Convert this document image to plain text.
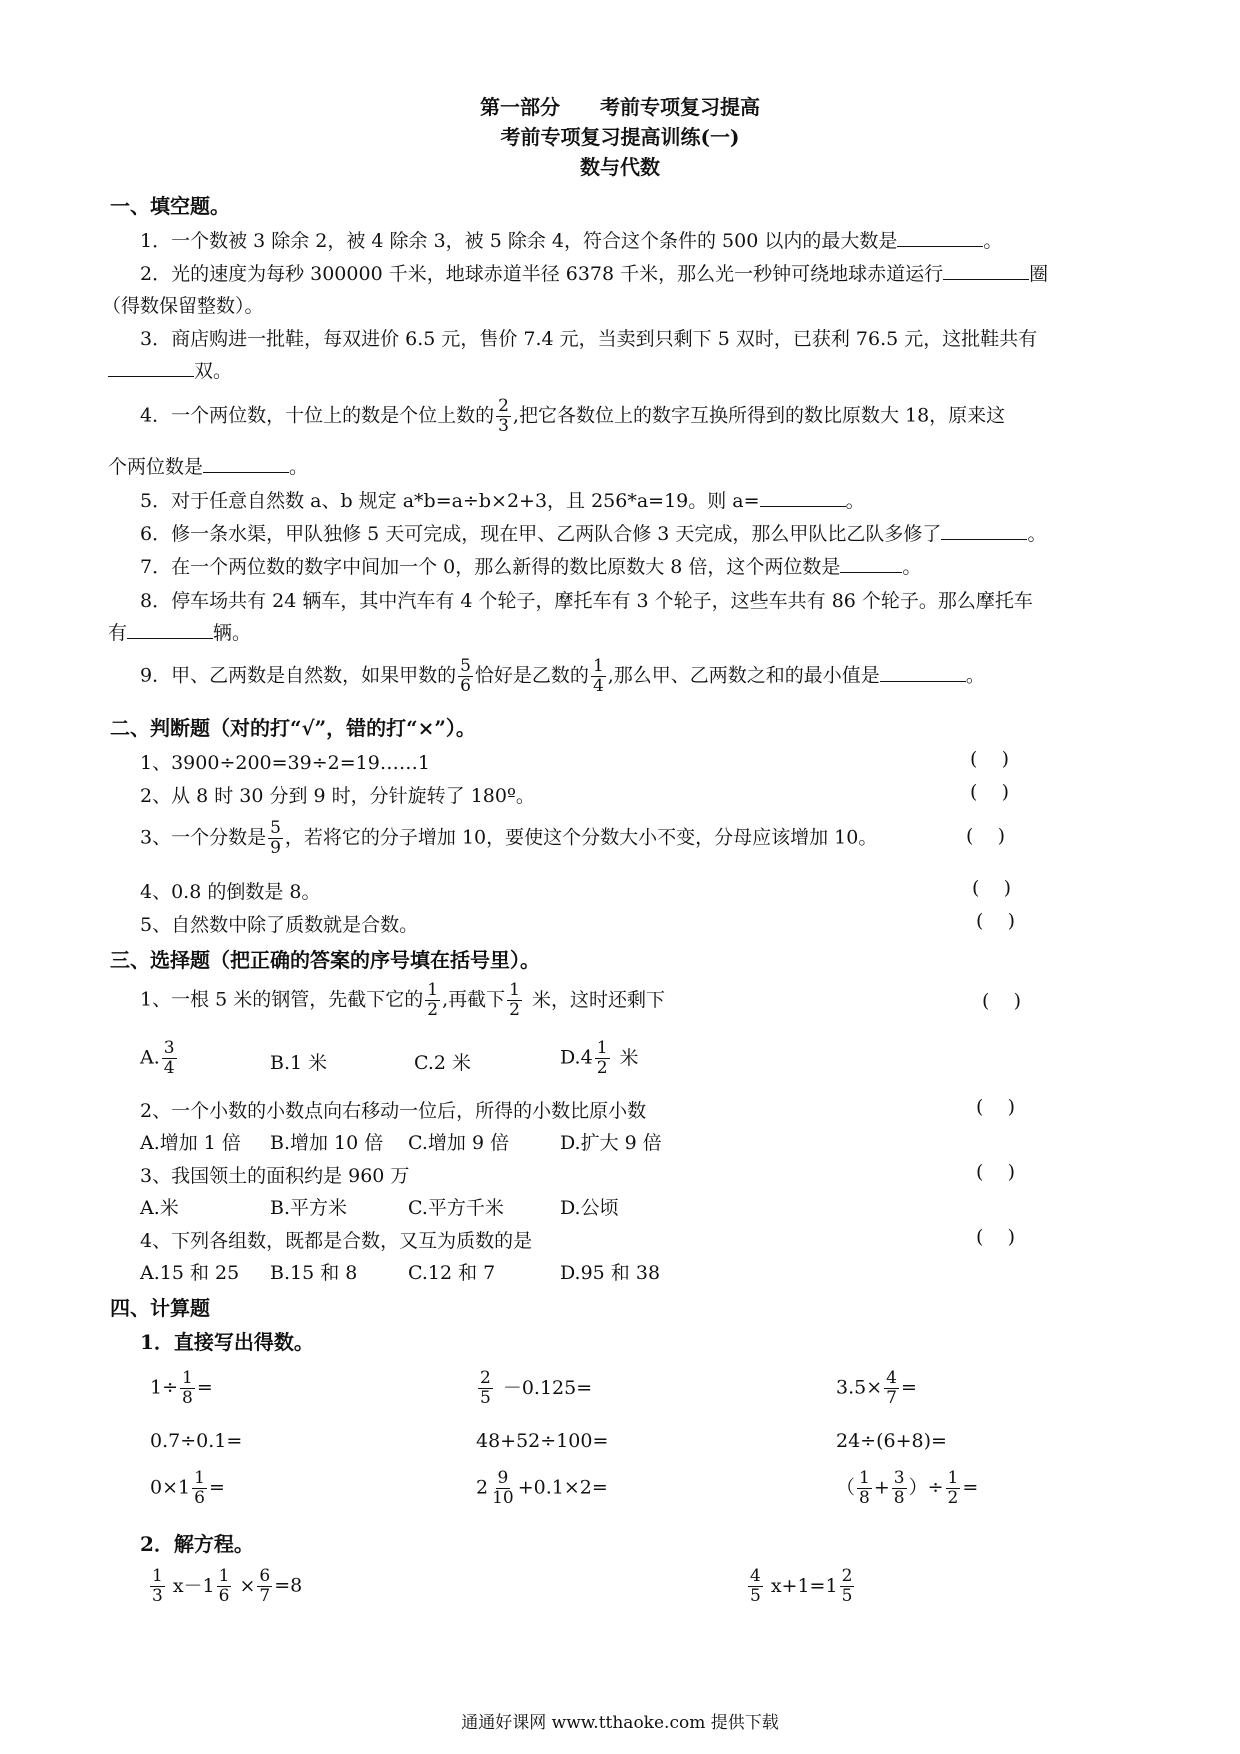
第一部分 考前专项复习提高
考前专项复习提高训练(一)
数与代数
一、填空题。
1．一个数被 3 除余 2，被 4 除余 3，被 5 除余 4，符合这个条件的 500 以内的最大数是	。
2．光的速度为每秒 300000 千米，地球赤道半径 6378 千米，那么光一秒钟可绕地球赤道运行	圈
（得数保留整数）。
3．商店购进一批鞋，每双进价 6.5 元，售价 7.4 元，当卖到只剩下 5 双时，已获利 76.5 元，这批鞋共有
双。
4．一个两位数，十位上的数是个位上数的 $\frac{2}{3}$ ,把它各数位上的数字互换所得到的数比原数大 18，原来这
个两位数是	。
5．对于任意自然数 a、b 规定 a*b=a÷b×2+3，且 256*a=19。则 a=	。
6．修一条水渠，甲队独修 5 天可完成，现在甲、乙两队合修 3 天完成，那么甲队比乙队多修了	。
7．在一个两位数的数字中间加一个 0，那么新得的数比原数大 8 倍，这个两位数是	。
8．停车场共有 24 辆车，其中汽车有 4 个轮子，摩托车有 3 个轮子，这些车共有 86 个轮子。那么摩托车
有	辆。
9．甲、乙两数是自然数，如果甲数的 $\frac{5}{6}$ 恰好是乙数的 $\frac{1}{4}$ ,那么甲、乙两数之和的最小值是	。
二、判断题（对的打“√”，错的打“×”）。
1、3900÷200=39÷2=19……1	(    )
2、从 8 时 30 分到 9 时，分针旋转了 180º。	(    )
3、一个分数是 $\frac{5}{9}$ ，若将它的分子增加 10，要使这个分数大小不变，分母应该增加 10。	(    )
4、0.8 的倒数是 8。	(    )
5、自然数中除了质数就是合数。	(    )
三、选择题（把正确的答案的序号填在括号里）。
1、一根 5 米的钢管，先截下它的 $\frac{1}{2}$ ,再截下 $\frac{1}{2}$ 米，这时还剩下	(    )
A. $\frac{3}{4}$	B.1 米	C.2 米	$D.4 \frac{1}{2}$ 米
2、一个小数的小数点向右移动一位后，所得的小数比原小数	(    )
A.增加 1 倍 B.增加 10 倍 C.增加 9 倍	D.扩大 9 倍
3、我国领土的面积约是 960 万	(    )
A.米	B.平方米	C.平方千米	D.公顷
4、下列各组数，既都是合数，又互为质数的是	(    )
A.15 和 25 B.15 和 8	C.12 和 7	D.95 和 38
四、计算题
1．直接写出得数。
$1\div \frac{1}{8}$ =	$\frac{2}{5} -0.125=$	$3.5\times \frac{4}{7}$ =
0.7÷0.1=	48+52÷100=	24÷(6+8)=
$0\times 1 \frac{1}{6}$ =	$2 \frac{9}{10} +0.1\times 2=$	（ $\frac{1}{8} + \frac{3}{8}$ ）÷ $\frac{1}{2}$ =
2．解方程。
$\frac{1}{3} x-1 \frac{1}{6} \times \frac{6}{7} =8$	$\frac{4}{5} x+1=1 \frac{2}{5}$
通通好课网 www.tthaoke.com 提供下载
